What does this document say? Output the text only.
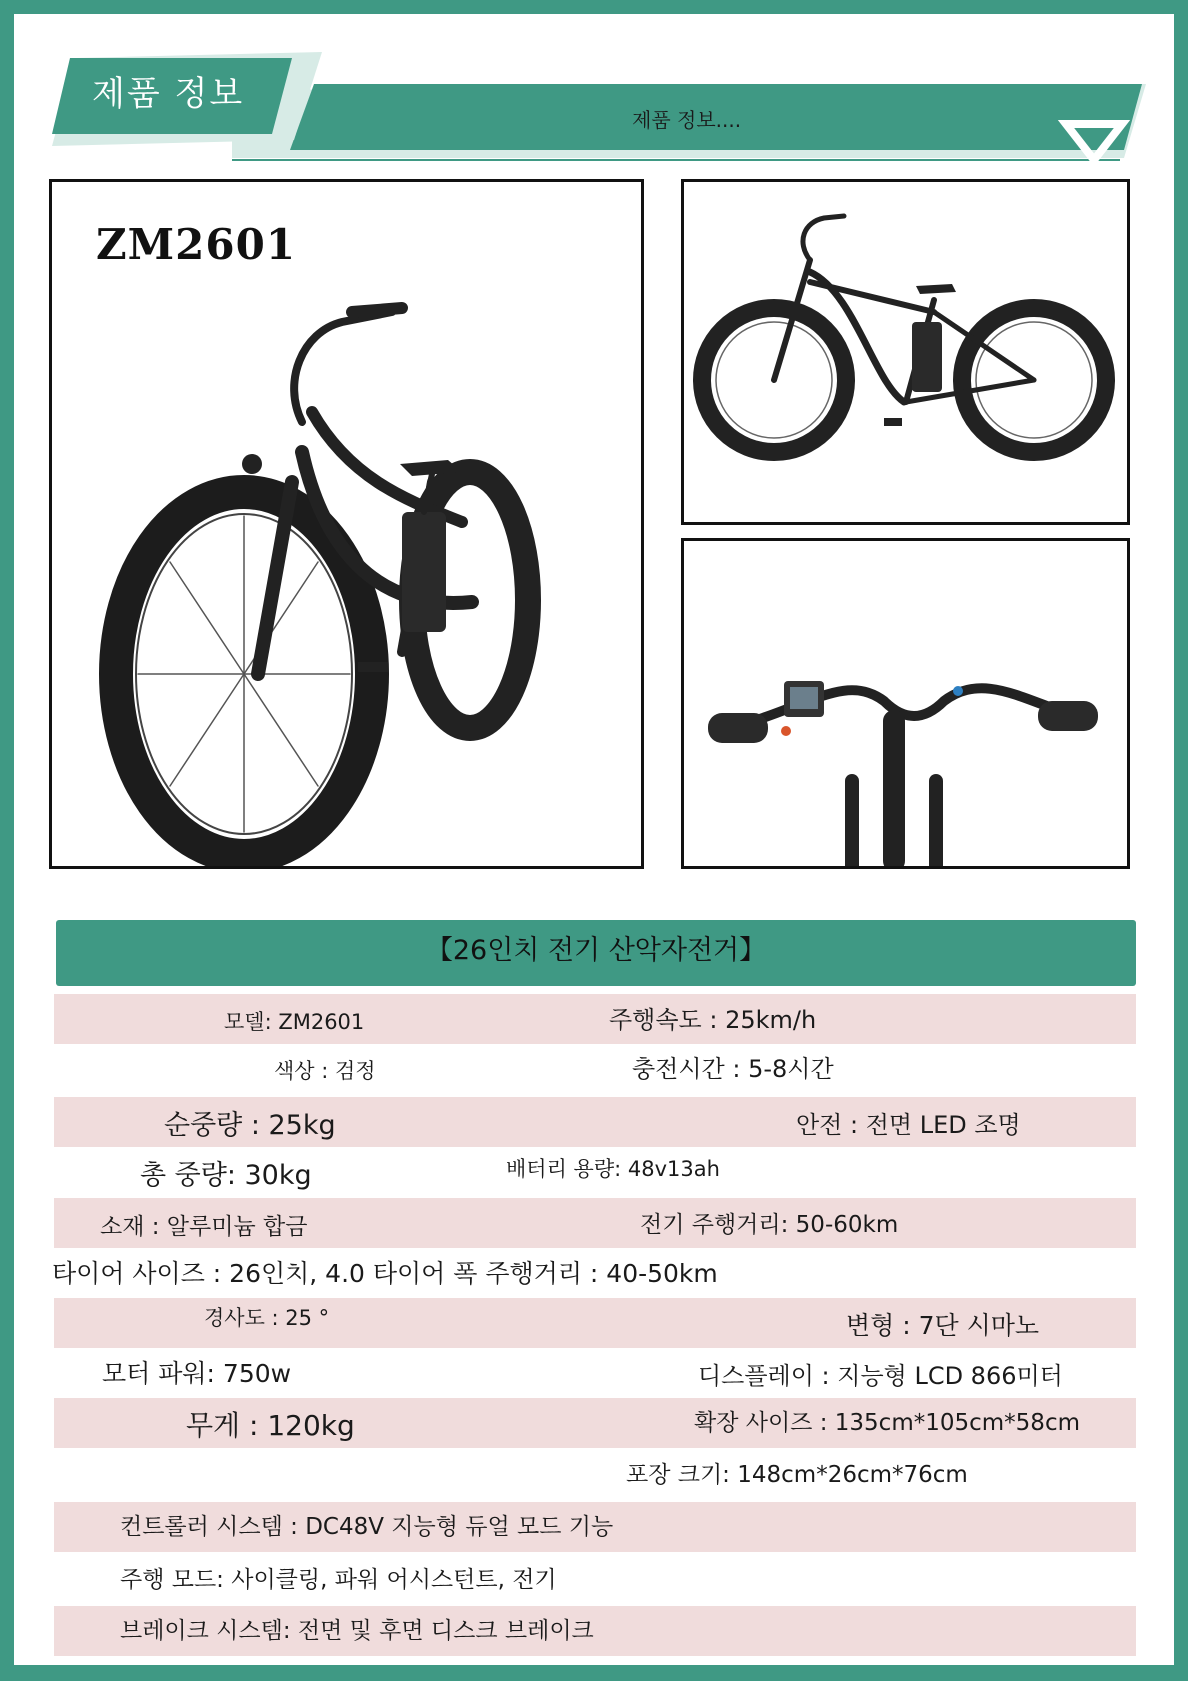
제품 정보
제품 정보....
ZM2601
【26인치 전기 산악자전거】
모델: ZM2601	주행속도 : 25km/h
색상 : 검정	충전시간 : 5-8시간
순중량 : 25kg	안전 : 전면 LED 조명
총 중량: 30kg	배터리 용량: 48v13ah
소재 : 알루미늄 합금	전기 주행거리: 50-60km
타이어 사이즈 : 26인치, 4.0 타이어 폭 주행거리 : 40-50km
경사도 : 25 °	변형 : 7단 시마노
모터 파워: 750w	디스플레이 : 지능형 LCD 866미터
무게 : 120kg	확장 사이즈 : 135cm*105cm*58cm
포장 크기: 148cm*26cm*76cm
컨트롤러 시스템 : DC48V 지능형 듀얼 모드 기능
주행 모드: 사이클링, 파워 어시스턴트, 전기
브레이크 시스템: 전면 및 후면 디스크 브레이크
